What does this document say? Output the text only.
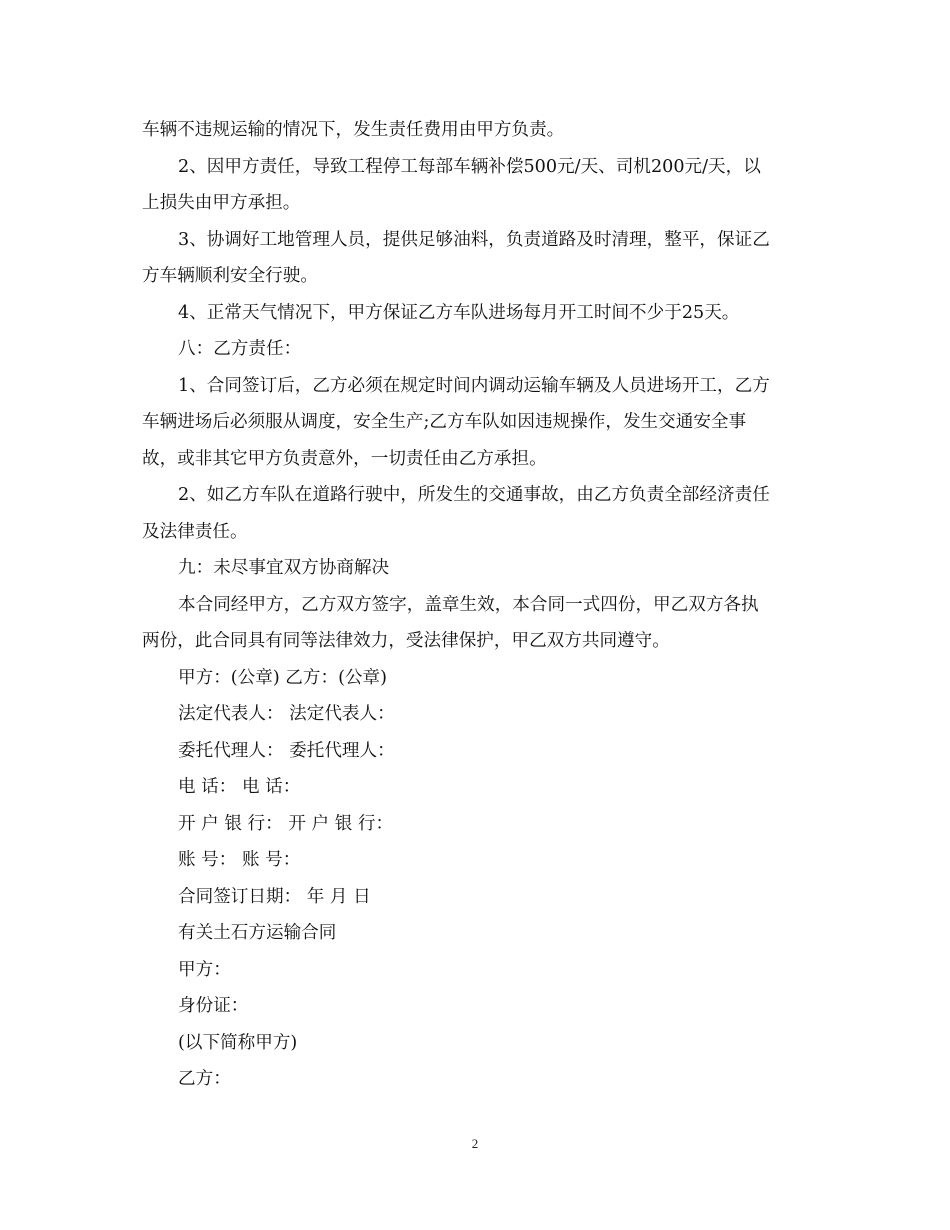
车辆不违规运输的情况下，发生责任费用由甲方负责。

2、因甲方责任，导致工程停工每部车辆补偿500元/天、司机200元/天，以

上损失由甲方承担。

3、协调好工地管理人员，提供足够油料，负责道路及时清理，整平，保证乙

方车辆顺利安全行驶。

4、正常天气情况下，甲方保证乙方车队进场每月开工时间不少于25天。

八：乙方责任：

1、合同签订后，乙方必须在规定时间内调动运输车辆及人员进场开工，乙方

车辆进场后必须服从调度，安全生产;乙方车队如因违规操作，发生交通安全事

故，或非其它甲方负责意外，一切责任由乙方承担。

2、如乙方车队在道路行驶中，所发生的交通事故，由乙方负责全部经济责任

及法律责任。

九：未尽事宜双方协商解决

本合同经甲方，乙方双方签字，盖章生效，本合同一式四份，甲乙双方各执

两份，此合同具有同等法律效力，受法律保护，甲乙双方共同遵守。

甲方：(公章) 乙方：(公章)

法定代表人： 法定代表人：

委托代理人： 委托代理人：

电 话： 电 话：

开 户 银 行： 开 户 银 行：

账 号： 账 号：

合同签订日期： 年 月 日

有关土石方运输合同

甲方：

身份证：

(以下简称甲方)

乙方：

2
